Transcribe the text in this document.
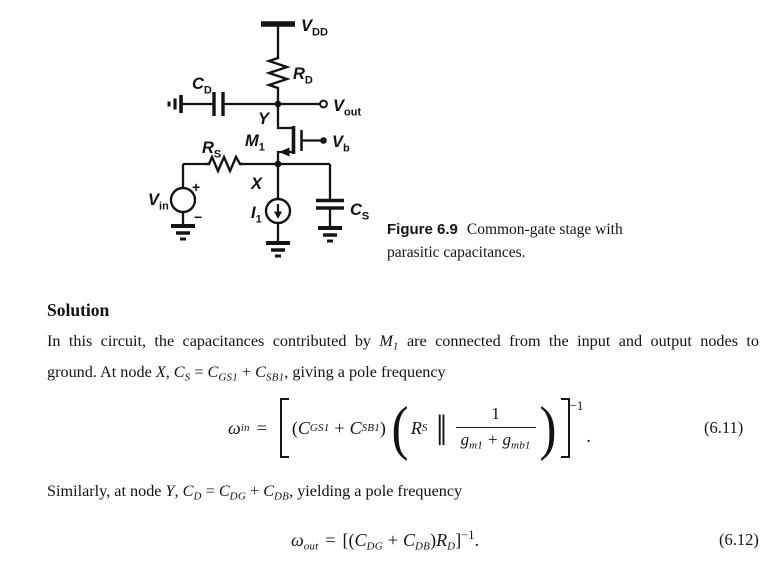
$V_{DD}$
$R_D$
$C_D$
$V_{out}$
Y
$V_b$
$M_1$
X
$R_S$
+
−
$V_{in}$	$I_1$
$C_S$
Figure 6.9 Common-gate stage with
parasitic capacitances.
Solution
In this circuit, the capacitances contributed by $M_1$ are connected from the input and output nodes to
ground. At node X, $C_S = C_{GS1} + C_{SB1}$, giving a pole frequency
ω in = ( C GS1 + C SB1 ) ( R S ∥ $\frac{1}{g_{m1} + g_{mb1}}$ ) −1
.	(6.11)
Similarly, at node Y, $C_D = C_{DG} + C_{DB}$, yielding a pole frequency
$\omega out = [(CDG + CDB)RD]^{-1}$.	(6.12)
